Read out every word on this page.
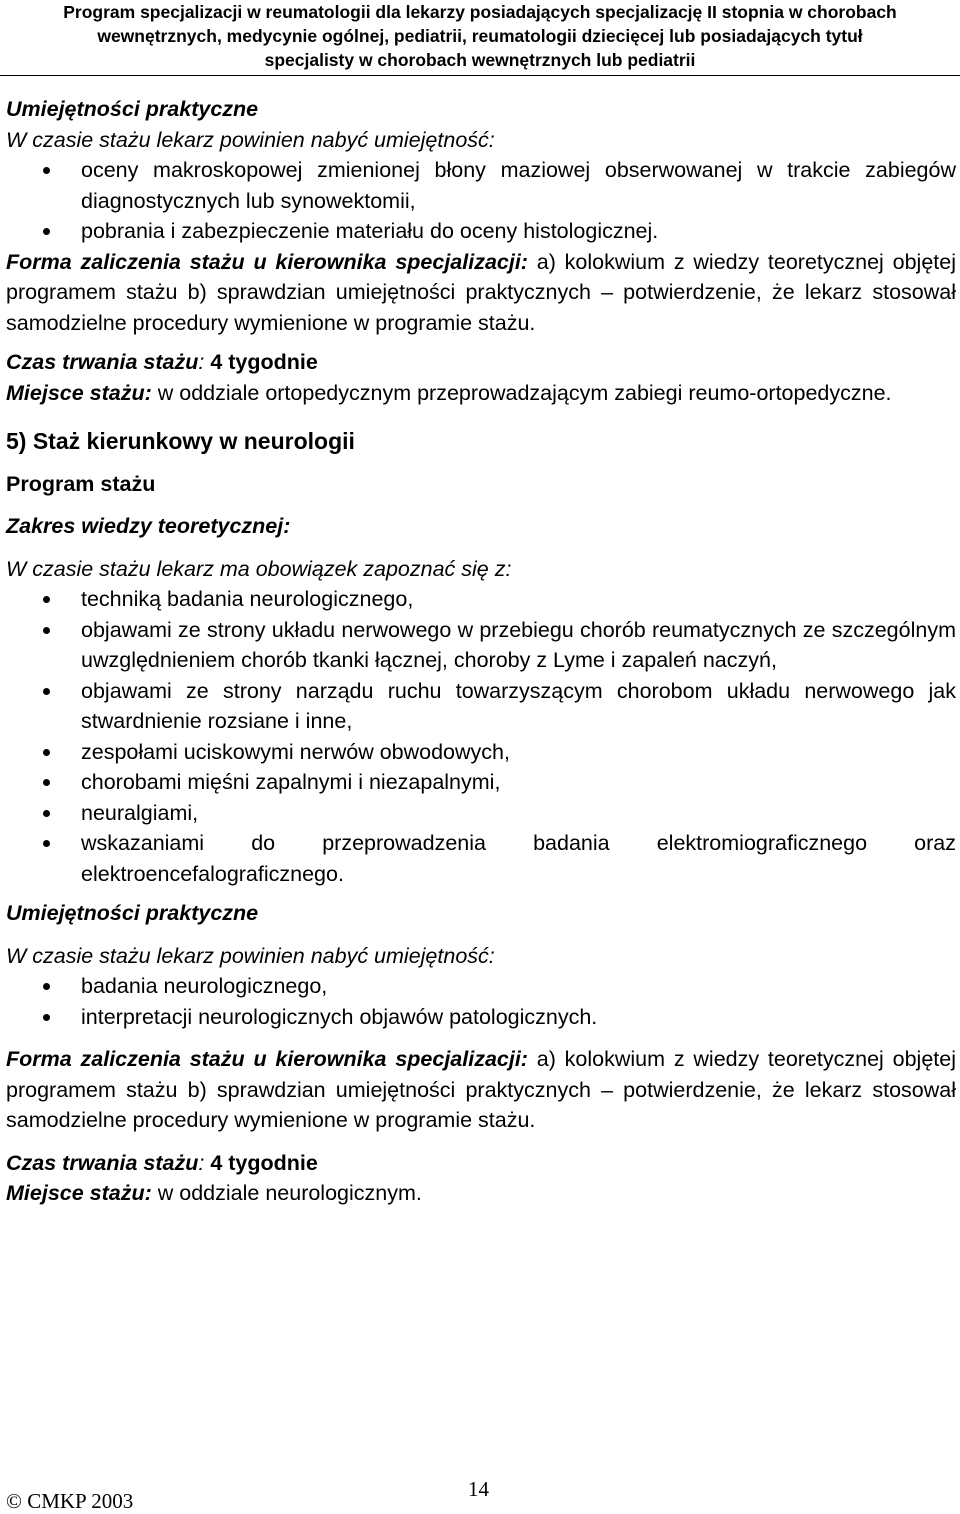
Program specjalizacji w reumatologii dla lekarzy posiadających specjalizację II stopnia w chorobach
wewnętrznych, medycynie ogólnej, pediatrii, reumatologii dziecięcej lub posiadających tytuł
specjalisty w chorobach wewnętrznych lub pediatrii

Umiejętności praktyczne

W czasie stażu lekarz powinien nabyć umiejętność:

oceny makroskopowej zmienionej błony maziowej obserwowanej w trakcie zabiegów diagnostycznych lub synowektomii,
pobrania i zabezpieczenie materiału do oceny histologicznej.

Forma zaliczenia stażu u kierownika specjalizacji: a) kolokwium z wiedzy teoretycznej objętej programem stażu b) sprawdzian umiejętności praktycznych – potwierdzenie, że lekarz stosował samodzielne procedury wymienione w programie stażu.

Czas trwania stażu: 4 tygodnie

Miejsce stażu: w oddziale ortopedycznym przeprowadzającym zabiegi reumo-ortopedyczne.

5) Staż kierunkowy w neurologii

Program stażu

Zakres wiedzy teoretycznej:

W czasie stażu lekarz ma obowiązek zapoznać się z:

techniką badania neurologicznego,
objawami ze strony układu nerwowego w przebiegu chorób reumatycznych ze szczególnym uwzględnieniem chorób tkanki łącznej, choroby z Lyme i zapaleń naczyń,
objawami ze strony narządu ruchu towarzyszącym chorobom układu nerwowego jak stwardnienie rozsiane i inne,
zespołami uciskowymi nerwów obwodowych,
chorobami mięśni zapalnymi i niezapalnymi,
neuralgiami,
wskazaniami do przeprowadzenia badania elektromiograficznego oraz elektroencefalograficznego.

Umiejętności praktyczne

W czasie stażu lekarz powinien nabyć umiejętność:

badania neurologicznego,
interpretacji neurologicznych objawów patologicznych.

Forma zaliczenia stażu u kierownika specjalizacji: a) kolokwium z wiedzy teoretycznej objętej programem stażu b) sprawdzian umiejętności praktycznych – potwierdzenie, że lekarz stosował samodzielne procedury wymienione w programie stażu.

Czas trwania stażu: 4 tygodnie

Miejsce stażu: w oddziale neurologicznym.

© CMKP 2003	14
